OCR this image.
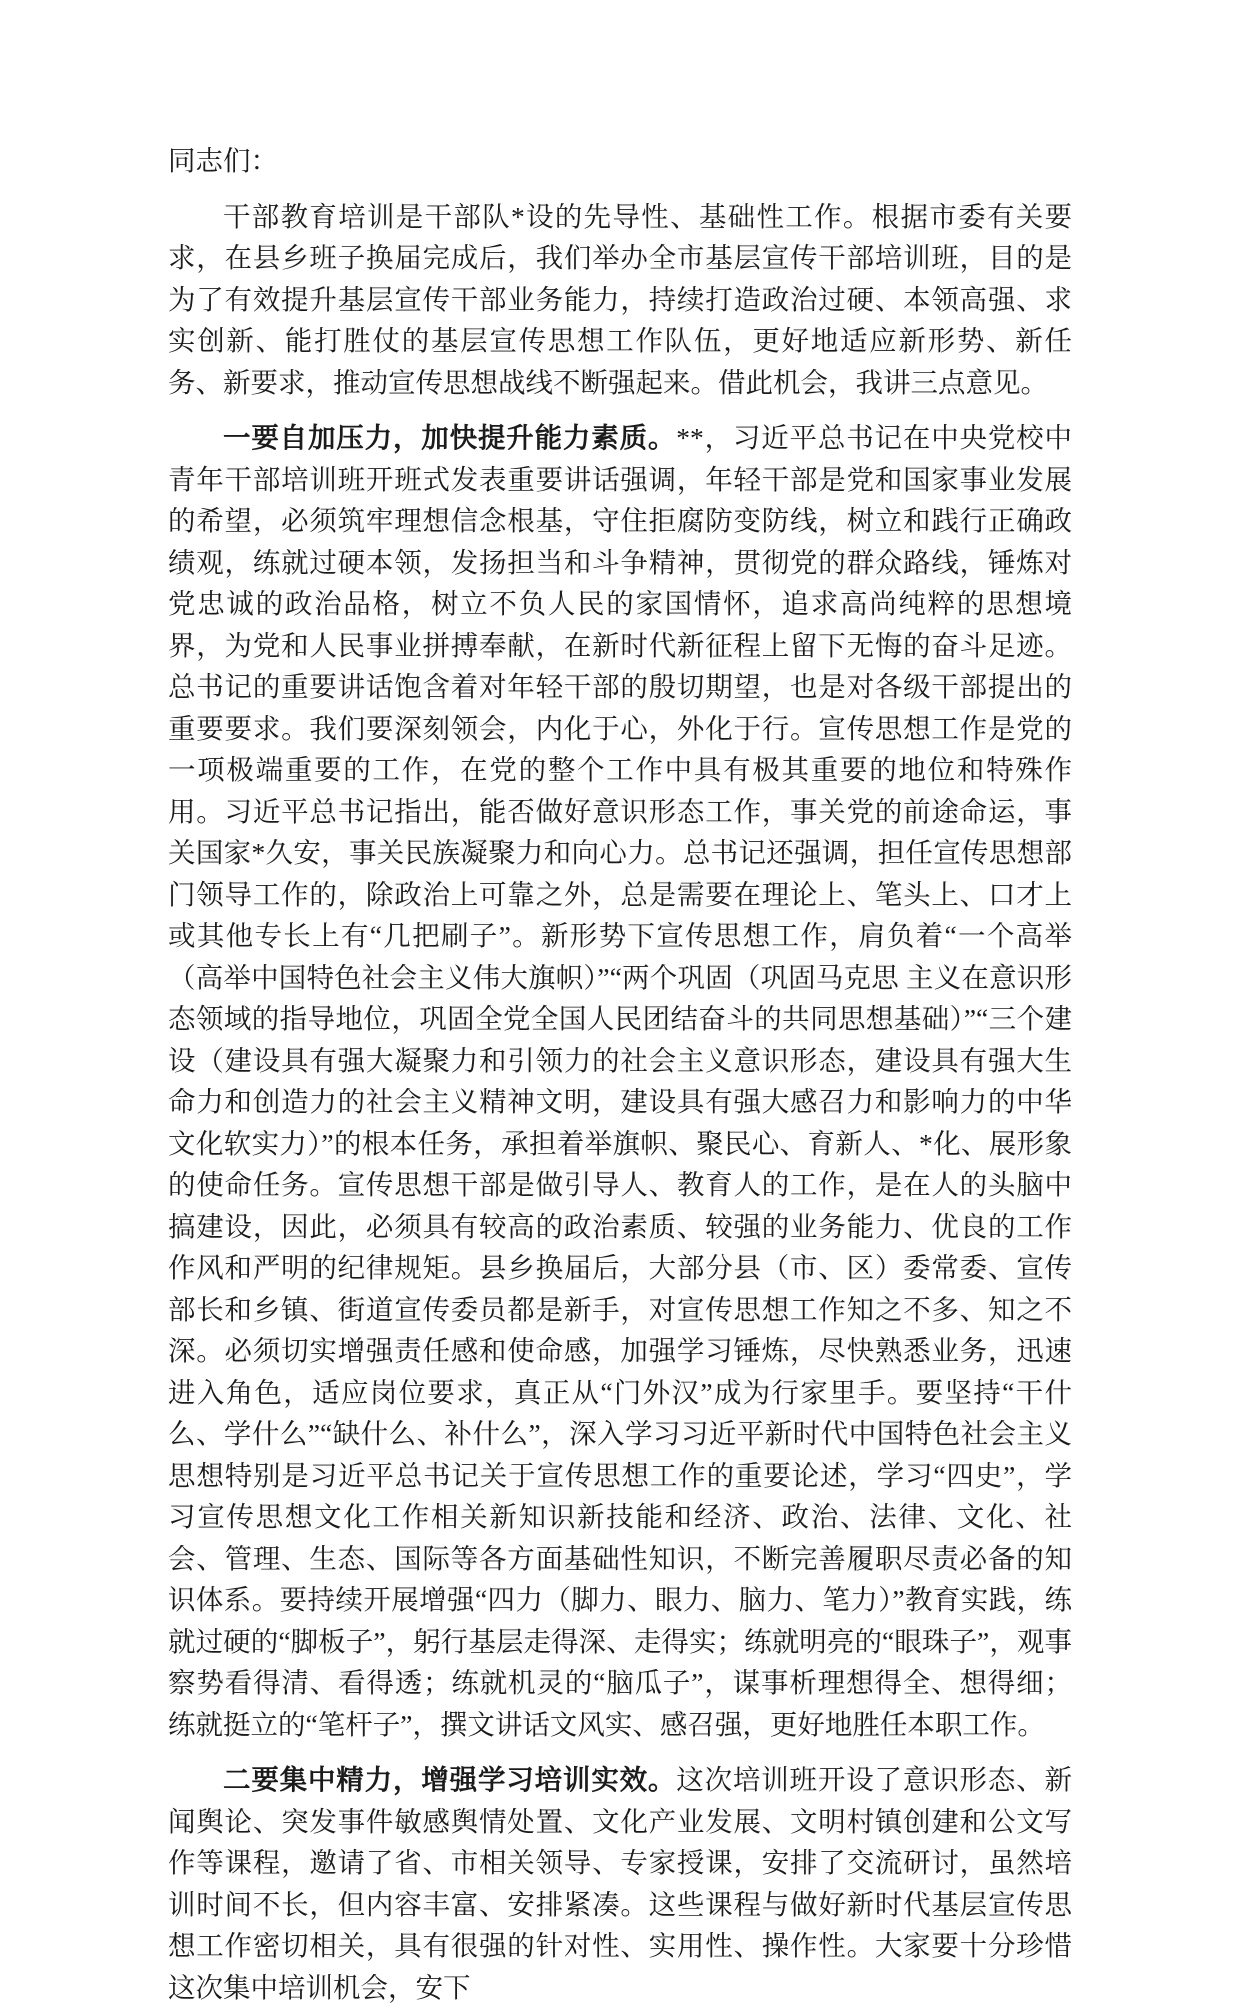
同志们：

干部教育培训是干部队*设的先导性、基础性工作。根据市委有关要求，在县乡班子换届完成后，我们举办全市基层宣传干部培训班，目的是为了有效提升基层宣传干部业务能力，持续打造政治过硬、本领高强、求实创新、能打胜仗的基层宣传思想工作队伍，更好地适应新形势、新任务、新要求，推动宣传思想战线不断强起来。借此机会，我讲三点意见。

一要自加压力，加快提升能力素质。**，习近平总书记在中央党校中青年干部培训班开班式发表重要讲话强调，年轻干部是党和国家事业发展的希望，必须筑牢理想信念根基，守住拒腐防变防线，树立和践行正确政绩观，练就过硬本领，发扬担当和斗争精神，贯彻党的群众路线，锤炼对党忠诚的政治品格，树立不负人民的家国情怀，追求高尚纯粹的思想境界，为党和人民事业拼搏奉献，在新时代新征程上留下无悔的奋斗足迹。总书记的重要讲话饱含着对年轻干部的殷切期望，也是对各级干部提出的重要要求。我们要深刻领会，内化于心，外化于行。宣传思想工作是党的一项极端重要的工作，在党的整个工作中具有极其重要的地位和特殊作用。习近平总书记指出，能否做好意识形态工作，事关党的前途命运，事关国家*久安，事关民族凝聚力和向心力。总书记还强调，担任宣传思想部门领导工作的，除政治上可靠之外，总是需要在理论上、笔头上、口才上或其他专长上有“几把刷子”。新形势下宣传思想工作，肩负着“一个高举（高举中国特色社会主义伟大旗帜）”“两个巩固（巩固马克思 主义在意识形态领域的指导地位，巩固全党全国人民团结奋斗的共同思想基础）”“三个建设（建设具有强大凝聚力和引领力的社会主义意识形态，建设具有强大生命力和创造力的社会主义精神文明，建设具有强大感召力和影响力的中华文化软实力）”的根本任务，承担着举旗帜、聚民心、育新人、*化、展形象的使命任务。宣传思想干部是做引导人、教育人的工作，是在人的头脑中搞建设，因此，必须具有较高的政治素质、较强的业务能力、优良的工作作风和严明的纪律规矩。县乡换届后，大部分县（市、区）委常委、宣传部长和乡镇、街道宣传委员都是新手，对宣传思想工作知之不多、知之不深。必须切实增强责任感和使命感，加强学习锤炼，尽快熟悉业务，迅速进入角色，适应岗位要求，真正从“门外汉”成为行家里手。要坚持“干什么、学什么”“缺什么、补什么”，深入学习习近平新时代中国特色社会主义思想特别是习近平总书记关于宣传思想工作的重要论述，学习“四史”，学习宣传思想文化工作相关新知识新技能和经济、政治、法律、文化、社会、管理、生态、国际等各方面基础性知识，不断完善履职尽责必备的知识体系。要持续开展增强“四力（脚力、眼力、脑力、笔力）”教育实践，练就过硬的“脚板子”，躬行基层走得深、走得实；练就明亮的“眼珠子”，观事察势看得清、看得透；练就机灵的“脑瓜子”，谋事析理想得全、想得细；练就挺立的“笔杆子”，撰文讲话文风实、感召强，更好地胜任本职工作。

二要集中精力，增强学习培训实效。这次培训班开设了意识形态、新闻舆论、突发事件敏感舆情处置、文化产业发展、文明村镇创建和公文写作等课程，邀请了省、市相关领导、专家授课，安排了交流研讨，虽然培训时间不长，但内容丰富、安排紧凑。这些课程与做好新时代基层宣传思想工作密切相关，具有很强的针对性、实用性、操作性。大家要十分珍惜这次集中培训机会，安下
